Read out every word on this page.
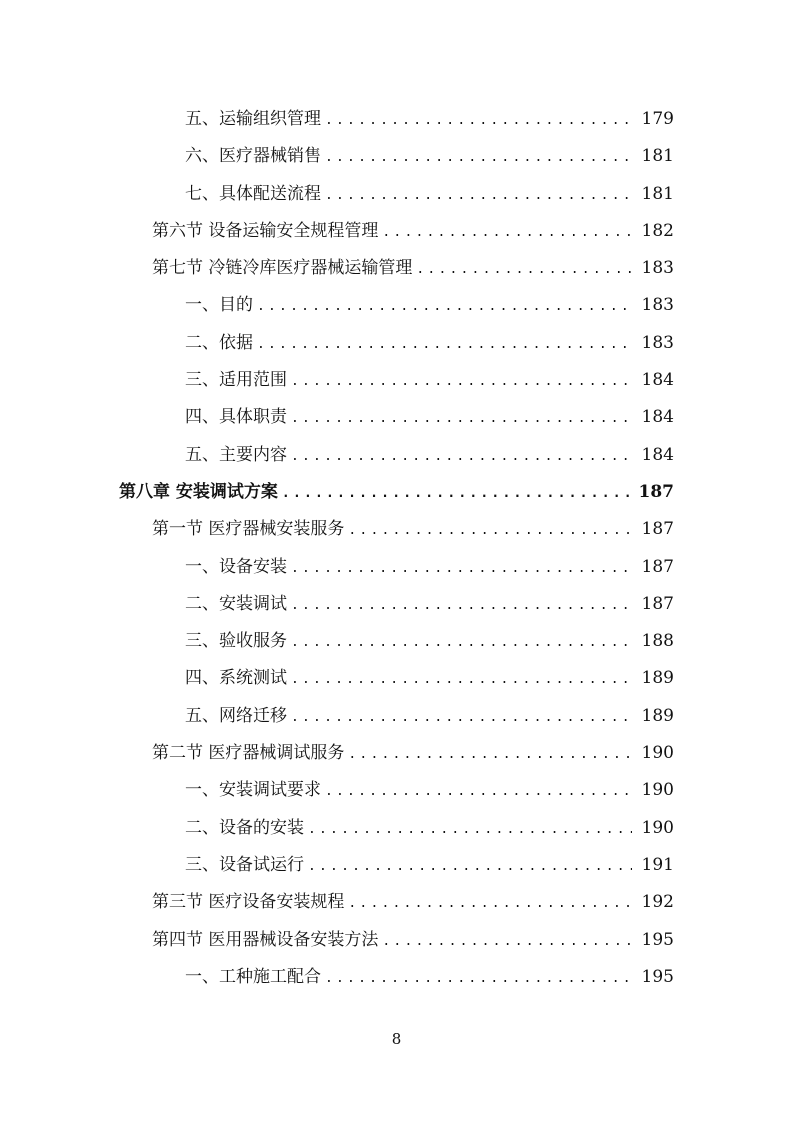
五、运输组织管理 .....	179
六、医疗器械销售 .....	181
七、具体配送流程 .....	181
第六节 设备运输安全规程管理 .....	182
第七节 冷链冷库医疗器械运输管理 .....	183
一、目的 .....	183
二、依据 .....	183
三、适用范围 .....	184
四、具体职责 .....	184
五、主要内容 .....	184
第八章 安装调试方案 .....	187
第一节 医疗器械安装服务 .....	187
一、设备安装 .....	187
二、安装调试 .....	187
三、验收服务 .....	188
四、系统测试 .....	189
五、网络迁移 .....	189
第二节 医疗器械调试服务 .....	190
一、安装调试要求 .....	190
二、设备的安装 .....	190
三、设备试运行 .....	191
第三节 医疗设备安装规程 .....	192
第四节 医用器械设备安装方法 .....	195
一、工种施工配合 .....	195
8
